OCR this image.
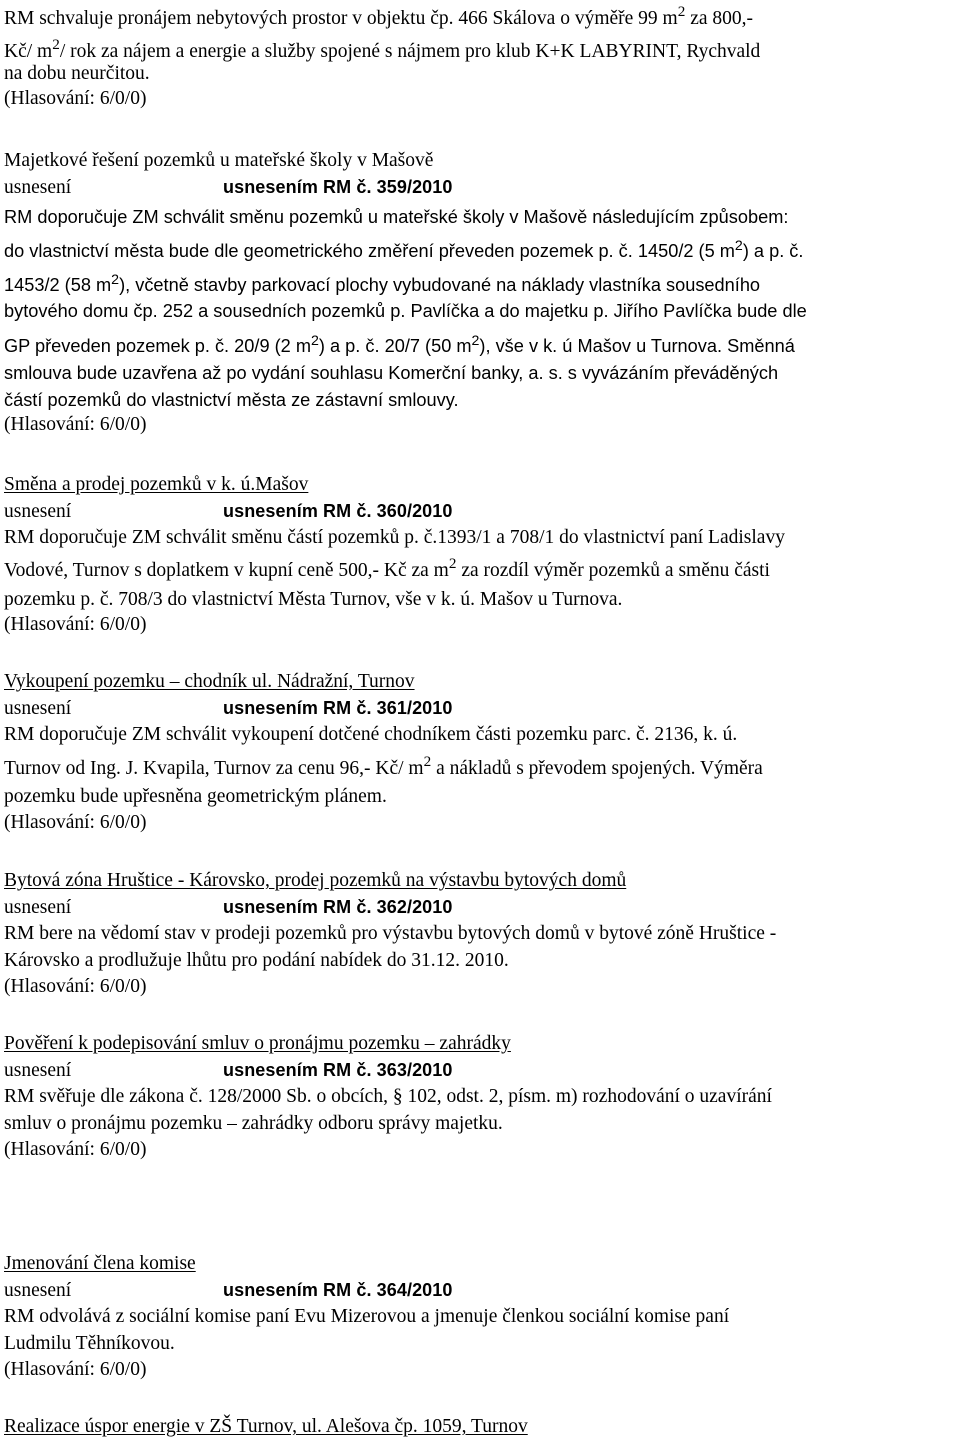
RM schvaluje pronájem nebytových prostor v objektu čp. 466 Skálova o výměře 99 $m^2$ za 800,-
Kč/ $m^2/$ rok za nájem a energie a služby spojené s nájmem pro klub K+K LABYRINT, Rychvald
na dobu neurčitou.
(Hlasování: 6/0/0)
Majetkové řešení pozemků u mateřské školy v Mašově
usnesení	usnesením RM č. 359/2010
RM doporučuje ZM schválit směnu pozemků u mateřské školy v Mašově následujícím způsobem:
do vlastnictví města bude dle geometrického změření převeden pozemek p. č. 1450/2 (5 $m^2$) a p. č.
1453/2 (58 $m^2$), včetně stavby parkovací plochy vybudované na náklady vlastníka sousedního
bytového domu čp. 252 a sousedních pozemků p. Pavlíčka a do majetku p. Jiřího Pavlíčka bude dle
GP převeden pozemek p. č. 20/9 (2 $m^2$) a p. č. 20/7 (50 $m^2$), vše v k. ú Mašov u Turnova. Směnná
smlouva bude uzavřena až po vydání souhlasu Komerční banky, a. s. s vyvázáním převáděných
částí pozemků do vlastnictví města ze zástavní smlouvy.
(Hlasování: 6/0/0)
Směna a prodej pozemků v k. ú.Mašov
usnesení	usnesením RM č. 360/2010
RM doporučuje ZM schválit směnu částí pozemků p. č.1393/1 a 708/1 do vlastnictví paní Ladislavy
Vodové, Turnov s doplatkem v kupní ceně 500,- Kč za $m^2$ za rozdíl výměr pozemků a směnu části
pozemku p. č. 708/3 do vlastnictví Města Turnov, vše v k. ú. Mašov u Turnova.
(Hlasování: 6/0/0)
Vykoupení pozemku – chodník ul. Nádražní, Turnov
usnesení	usnesením RM č. 361/2010
RM doporučuje ZM schválit vykoupení dotčené chodníkem části pozemku parc. č. 2136, k. ú.
Turnov od Ing. J. Kvapila, Turnov za cenu 96,- Kč/ $m^2$ a nákladů s převodem spojených. Výměra
pozemku bude upřesněna geometrickým plánem.
(Hlasování: 6/0/0)
Bytová zóna Hruštice - Károvsko, prodej pozemků na výstavbu bytových domů
usnesení	usnesením RM č. 362/2010
RM bere na vědomí stav v prodeji pozemků pro výstavbu bytových domů v bytové zóně Hruštice -
Károvsko a prodlužuje lhůtu pro podání nabídek do 31.12. 2010.
(Hlasování: 6/0/0)
Pověření k podepisování smluv o pronájmu pozemku – zahrádky
usnesení	usnesením RM č. 363/2010
RM svěřuje dle zákona č. 128/2000 Sb. o obcích, § 102, odst. 2, písm. m) rozhodování o uzavírání
smluv o pronájmu pozemku – zahrádky odboru správy majetku.
(Hlasování: 6/0/0)
Jmenování člena komise
usnesení	usnesením RM č. 364/2010
RM odvolává z sociální komise paní Evu Mizerovou a jmenuje členkou sociální komise paní
Ludmilu Těhníkovou.
(Hlasování: 6/0/0)
Realizace úspor energie v ZŠ Turnov, ul. Alešova čp. 1059, Turnov
